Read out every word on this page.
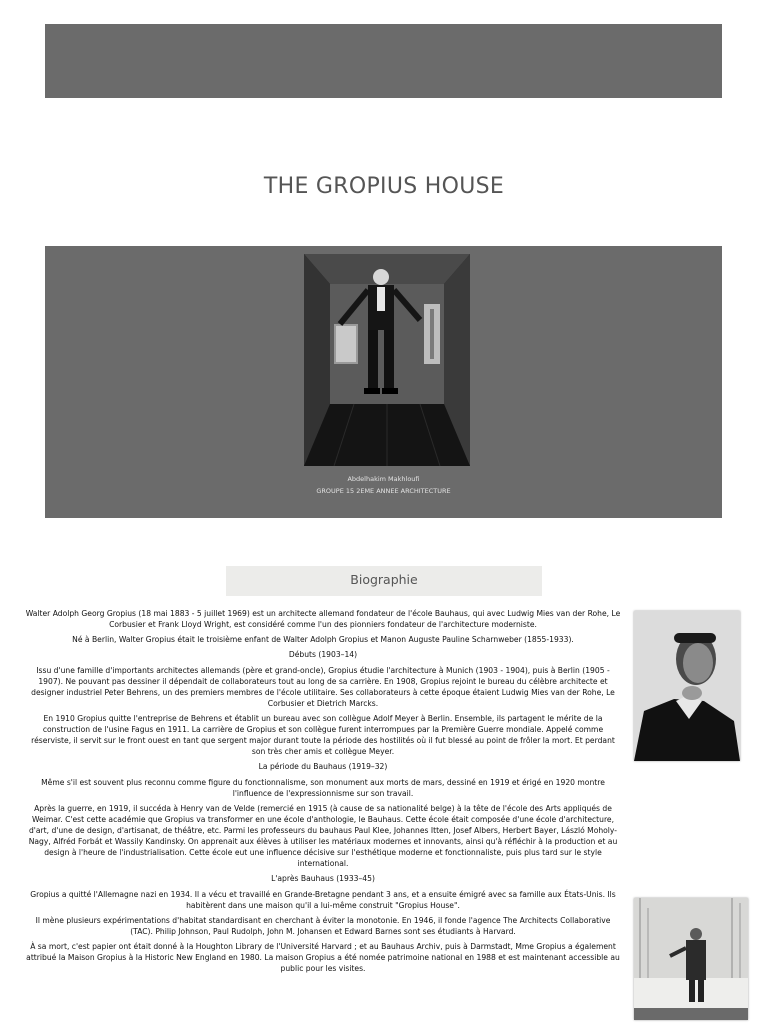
THE GROPIUS HOUSE
Abdelhakim Makhloufi
GROUPE 15 2EME ANNEE ARCHITECTURE
Biographie

Walter Adolph Georg Gropius (18 mai 1883 - 5 juillet 1969) est un architecte allemand fondateur de l'école Bauhaus, qui avec Ludwig Mies van der Rohe, Le Corbusier et Frank Lloyd Wright, est considéré comme l'un des pionniers fondateur de l'architecture moderniste.

Né à Berlin, Walter Gropius était le troisième enfant de Walter Adolph Gropius et Manon Auguste Pauline Scharnweber (1855-1933).

Débuts (1903–14)

Issu d'une famille d'importants architectes allemands (père et grand-oncle), Gropius étudie l'architecture à Munich (1903 - 1904), puis à Berlin (1905 - 1907). Ne pouvant pas dessiner il dépendait de collaborateurs tout au long de sa carrière. En 1908, Gropius rejoint le bureau du célèbre architecte et designer industriel Peter Behrens, un des premiers membres de l'école utilitaire. Ses collaborateurs à cette époque étaient Ludwig Mies van der Rohe, Le Corbusier et Dietrich Marcks.

En 1910 Gropius quitte l'entreprise de Behrens et établit un bureau avec son collègue Adolf Meyer à Berlin. Ensemble, ils partagent le mérite de la construction de l'usine Fagus en 1911. La carrière de Gropius et son collègue furent interrompues par la Première Guerre mondiale. Appelé comme réserviste, il servit sur le front ouest en tant que sergent major durant toute la période des hostilités où il fut blessé au point de frôler la mort. Et perdant son très cher amis et collègue Meyer.

La période du Bauhaus (1919–32)

Même s'il est souvent plus reconnu comme figure du fonctionnalisme, son monument aux morts de mars, dessiné en 1919 et érigé en 1920 montre l'influence de l'expressionnisme sur son travail.

Après la guerre, en 1919, il succéda à Henry van de Velde (remercié en 1915 (à cause de sa nationalité belge) à la tête de l'école des Arts appliqués de Weimar. C'est cette académie que Gropius va transformer en une école d'anthologie, le Bauhaus. Cette école était composée d'une école d'architecture, d'art, d'une de design, d'artisanat, de théâtre, etc. Parmi les professeurs du bauhaus Paul Klee, Johannes Itten, Josef Albers, Herbert Bayer, László Moholy-Nagy, Alfréd Forbát et Wassily Kandinsky. On apprenait aux élèves à utiliser les matériaux modernes et innovants, ainsi qu'à réfléchir à la production et au design à l'heure de l'industrialisation. Cette école eut une influence décisive sur l'esthétique moderne et fonctionnaliste, puis plus tard sur le style international.

L'après Bauhaus (1933–45)

Gropius a quitté l'Allemagne nazi en 1934. Il a vécu et travaillé en Grande-Bretagne pendant 3 ans, et a ensuite émigré avec sa famille aux États-Unis. Ils habitèrent dans une maison qu'il a lui-même construit "Gropius House".

Il mène plusieurs expérimentations d'habitat standardisant en cherchant à éviter la monotonie. En 1946, il fonde l'agence The Architects Collaborative (TAC). Philip Johnson, Paul Rudolph, John M. Johansen et Edward Barnes sont ses étudiants à Harvard.

À sa mort, c'est papier ont était donné à la Houghton Library de l'Université Harvard ; et au Bauhaus Archiv, puis à Darmstadt, Mme Gropius a également attribué la Maison Gropius à la Historic New England en 1980. La maison Gropius a été nomée patrimoine national en 1988 et est maintenant accessible au public pour les visites.
